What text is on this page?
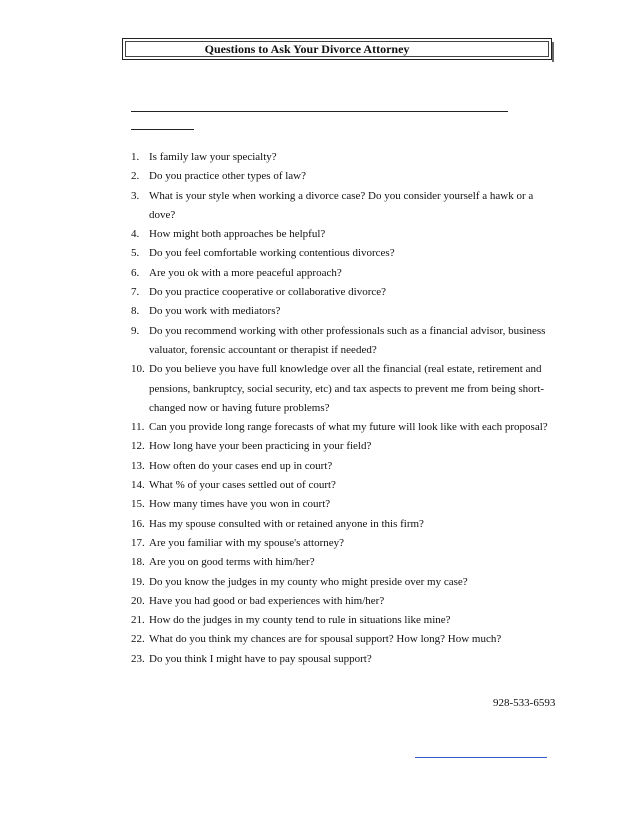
Questions to Ask Your Divorce Attorney
1. Is family law your specialty?
2. Do you practice other types of law?
3. What is your style when working a divorce case? Do you consider yourself a hawk or a dove?
4. How might both approaches be helpful?
5. Do you feel comfortable working contentious divorces?
6. Are you ok with a more peaceful approach?
7. Do you practice cooperative or collaborative divorce?
8. Do you work with mediators?
9. Do you recommend working with other professionals such as a financial advisor, business valuator, forensic accountant or therapist if needed?
10. Do you believe you have full knowledge over all the financial (real estate, retirement and pensions, bankruptcy, social security, etc) and tax aspects to prevent me from being short-changed now or having future problems?
11. Can you provide long range forecasts of what my future will look like with each proposal?
12. How long have your been practicing in your field?
13. How often do your cases end up in court?
14. What % of your cases settled out of court?
15. How many times have you won in court?
16. Has my spouse consulted with or retained anyone in this firm?
17. Are you familiar with my spouse's attorney?
18. Are you on good terms with him/her?
19. Do you know the judges in my county who might preside over my case?
20. Have you had good or bad experiences with him/her?
21. How do the judges in my county tend to rule in situations like mine?
22. What do you think my chances are for spousal support? How long? How much?
23. Do you think I might have to pay spousal support?
928-533-6593
